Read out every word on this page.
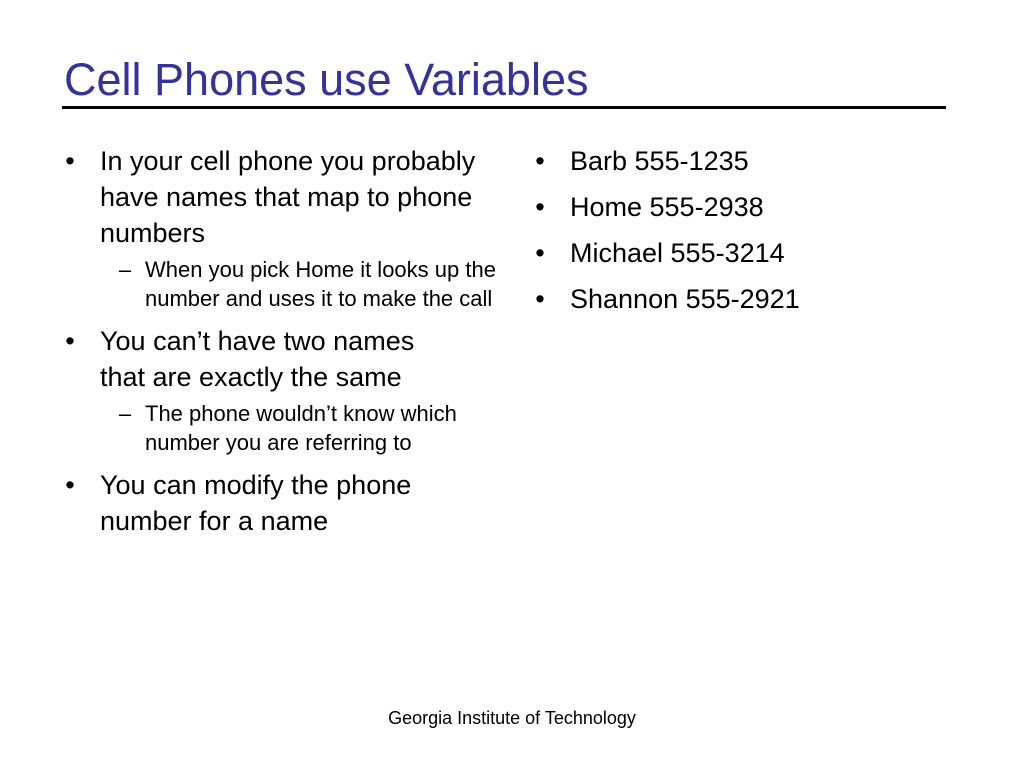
Cell Phones use Variables
• In your cell phone you probably have names that map to phone numbers
– When you pick Home it looks up the number and uses it to make the call
• You can’t have two names that are exactly the same
– The phone wouldn’t know which number you are referring to
• You can modify the phone number for a name
• Barb 555-1235
• Home 555-2938
• Michael 555-3214
• Shannon 555-2921
Georgia Institute of Technology
